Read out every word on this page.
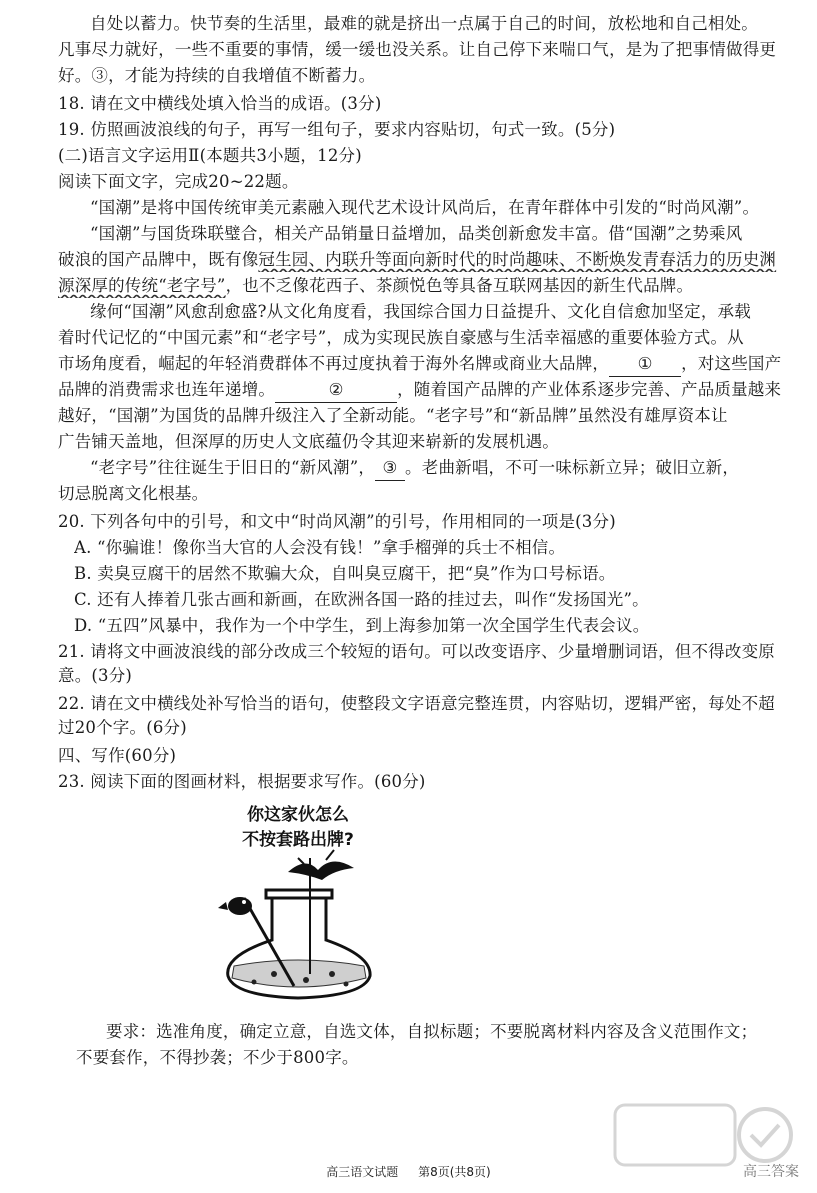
自处以蓄力。快节奏的生活里，最难的就是挤出一点属于自己的时间，放松地和自己相处。
凡事尽力就好，一些不重要的事情，缓一缓也没关系。让自己停下来喘口气，是为了把事情做得更
好。③，才能为持续的自我增值不断蓄力。
18. 请在文中横线处填入恰当的成语。(3分)
19. 仿照画波浪线的句子，再写一组句子，要求内容贴切，句式一致。(5分)
(二)语言文字运用Ⅱ(本题共3小题，12分)
阅读下面文字，完成20~22题。
“国潮”是将中国传统审美元素融入现代艺术设计风尚后，在青年群体中引发的“时尚风潮”。
“国潮”与国货珠联璧合，相关产品销量日益增加，品类创新愈发丰富。借“国潮”之势乘风
破浪的国产品牌中，既有像冠生园、内联升等面向新时代的时尚趣味、不断焕发青春活力的历史渊
源深厚的传统“老字号”，也不乏像花西子、茶颜悦色等具备互联网基因的新生代品牌。
缘何“国潮”风愈刮愈盛?从文化角度看，我国综合国力日益提升、文化自信愈加坚定，承载
着时代记忆的“中国元素”和“老字号”，成为实现民族自豪感与生活幸福感的重要体验方式。从
市场角度看，崛起的年轻消费群体不再过度执着于海外名牌或商业大品牌， ① ，对这些国产
品牌的消费需求也连年递增。	②	，随着国产品牌的产业体系逐步完善、产品质量越来
越好，“国潮”为国货的品牌升级注入了全新动能。“老字号”和“新品牌”虽然没有雄厚资本让
广告铺天盖地，但深厚的历史人文底蕴仍令其迎来崭新的发展机遇。
“老字号”往往诞生于旧日的“新风潮”， ③ 。老曲新唱，不可一味标新立异；破旧立新，
切忌脱离文化根基。
20. 下列各句中的引号，和文中“时尚风潮”的引号，作用相同的一项是(3分)
A. “你骗谁！像你当大官的人会没有钱！”拿手榴弹的兵士不相信。
B. 卖臭豆腐干的居然不欺骗大众，自叫臭豆腐干，把“臭”作为口号标语。
C. 还有人捧着几张古画和新画，在欧洲各国一路的挂过去，叫作“发扬国光”。
D. “五四”风暴中，我作为一个中学生，到上海参加第一次全国学生代表会议。
21. 请将文中画波浪线的部分改成三个较短的语句。可以改变语序、少量增删词语，但不得改变原
意。(3分)
22. 请在文中横线处补写恰当的语句，使整段文字语意完整连贯，内容贴切，逻辑严密，每处不超
过20个字。(6分)
四、写作(60分)
23. 阅读下面的图画材料，根据要求写作。(60分)
你这家伙怎么
不按套路出牌?
要求：选准角度，确定立意，自选文体，自拟标题；不要脱离材料内容及含义范围作文；
不要套作，不得抄袭；不少于800字。
高三语文试题 第8页(共8页)	高三答案
